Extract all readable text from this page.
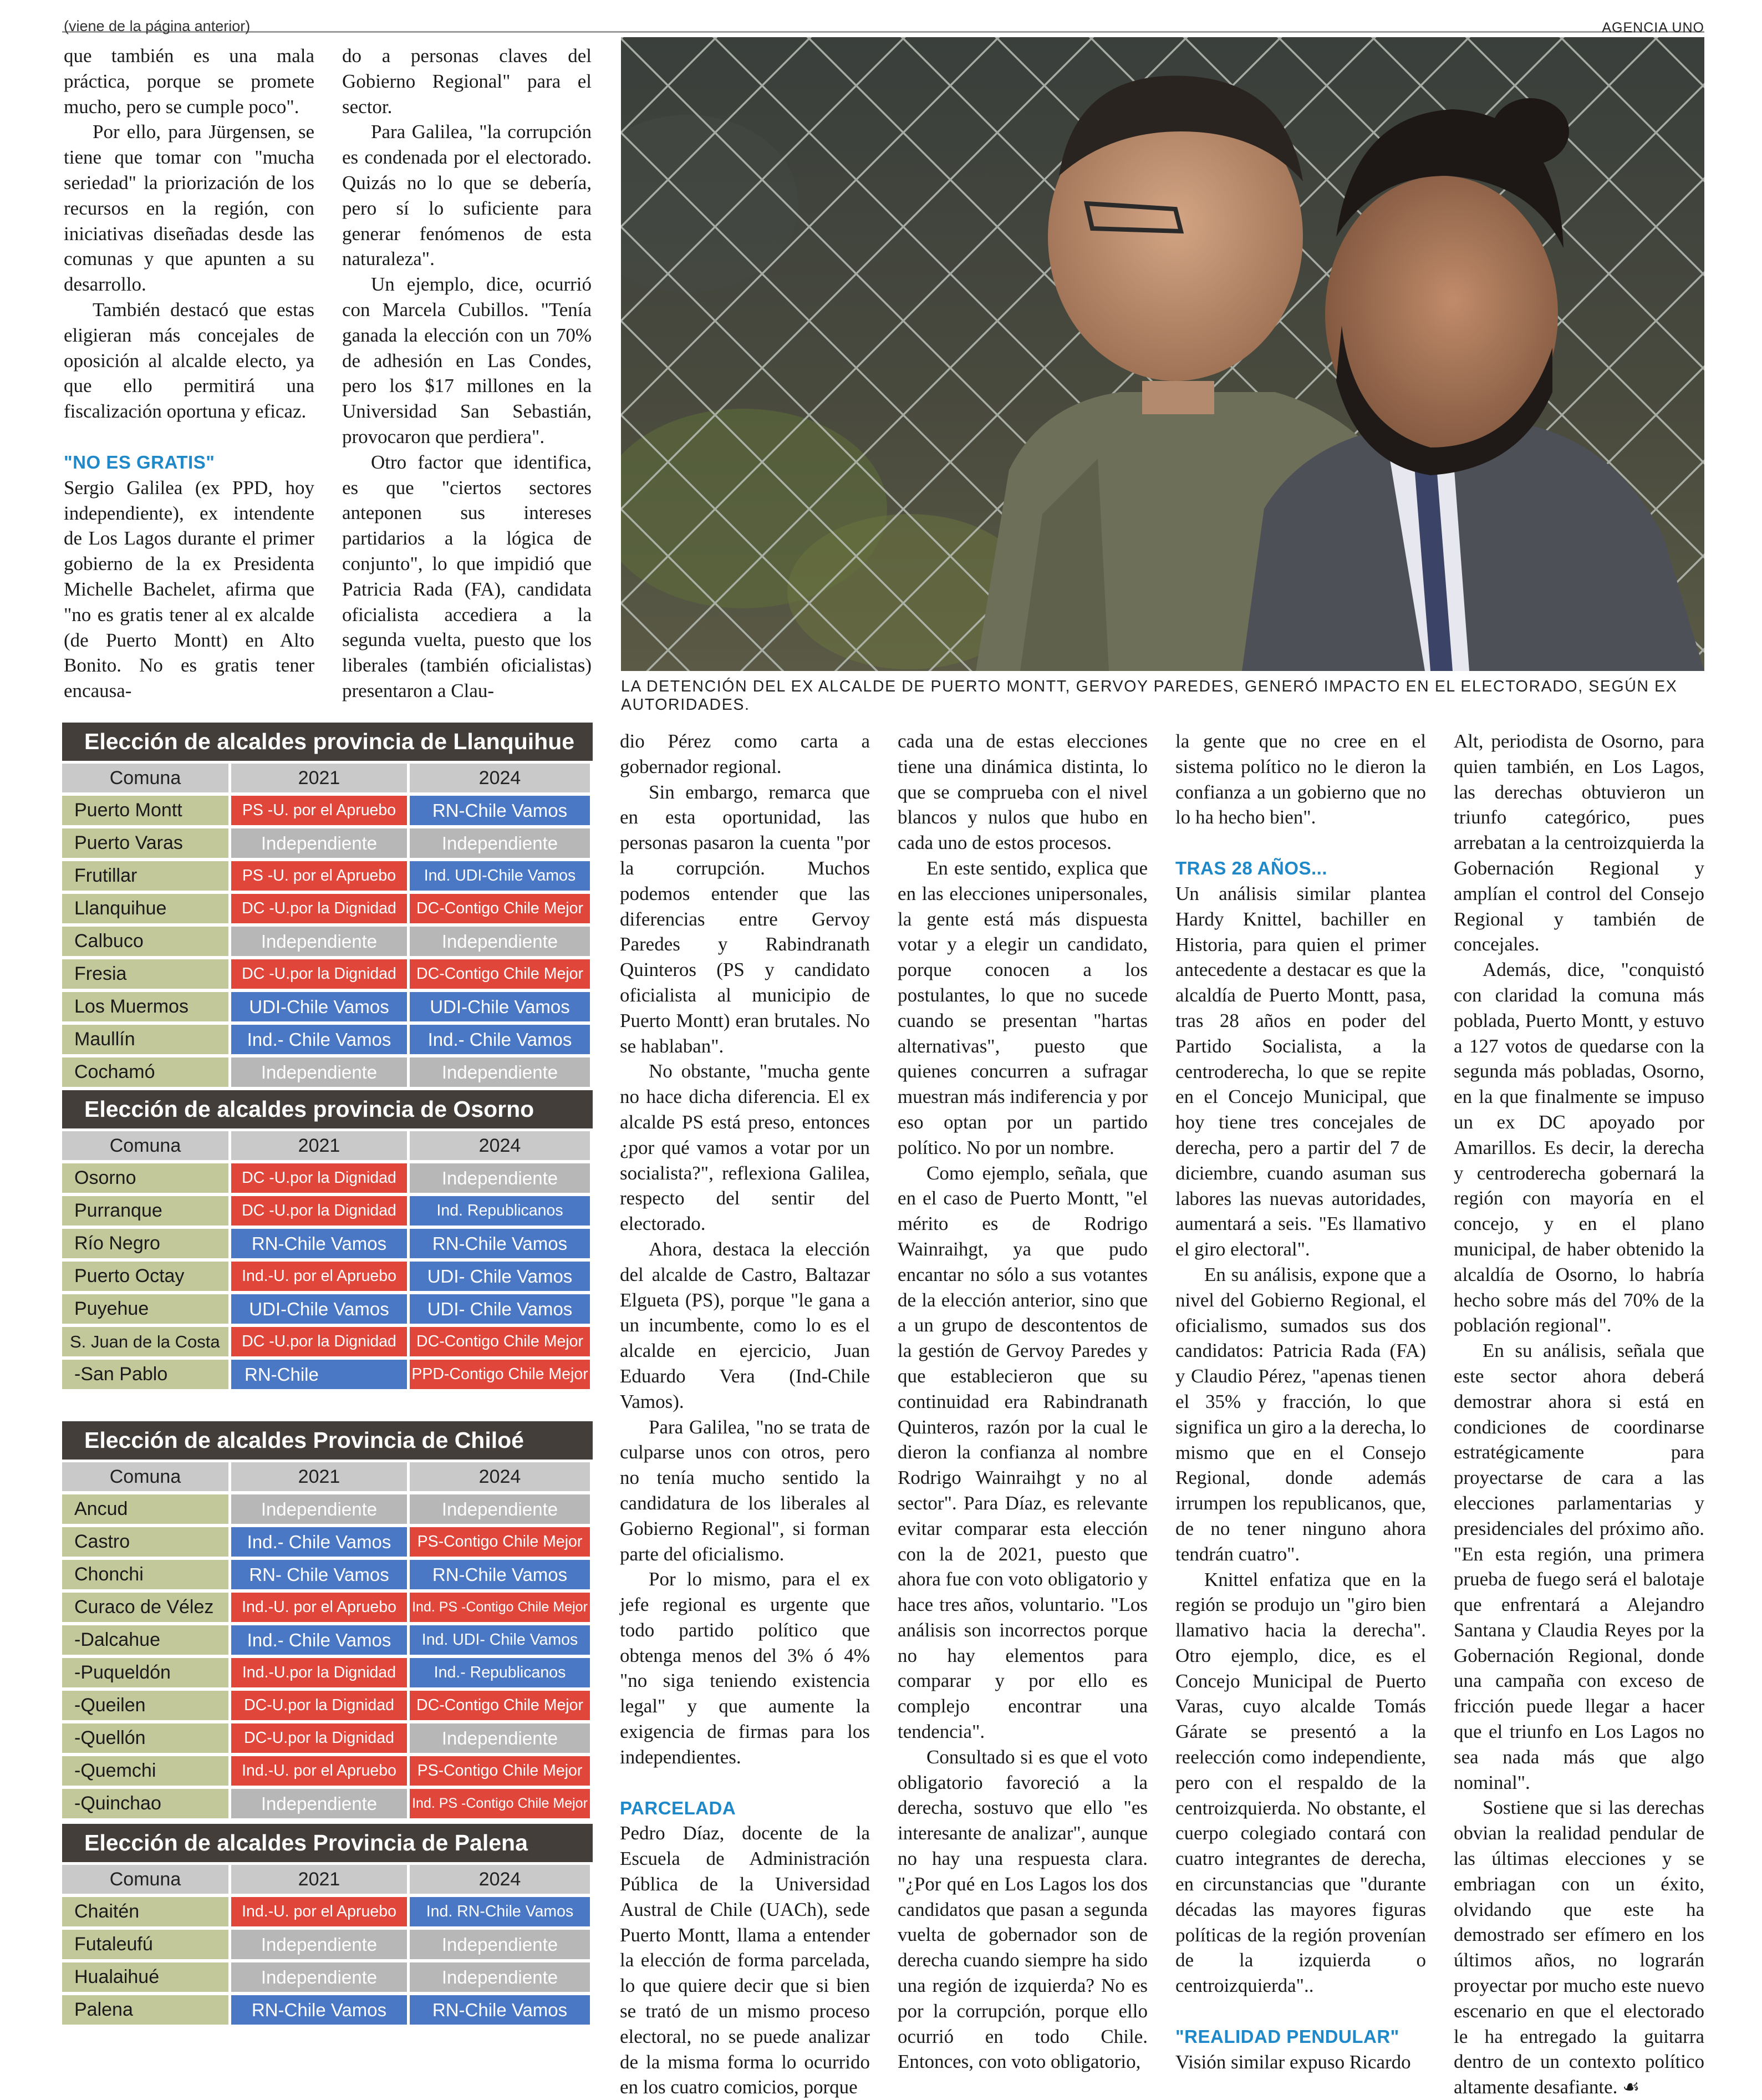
(viene de la página anterior)	AGENCIA UNO

que también es una mala práctica, porque se promete mucho, pero se cumple poco".

Por ello, para Jürgensen, se tiene que tomar con "mucha seriedad" la priorización de los recursos en la región, con iniciativas diseñadas desde las comunas y que apunten a su desarrollo.

También destacó que estas eligieran más concejales de oposición al alcalde electo, ya que ello permitirá una fiscalización oportuna y eficaz.

"NO ES GRATIS"

Sergio Galilea (ex PPD, hoy independiente), ex intendente de Los Lagos durante el primer gobierno de la ex Presidenta Michelle Bachelet, afirma que "no es gratis tener al ex alcalde (de Puerto Montt) en Alto Bonito. No es gratis tener encausa-

do a personas claves del Gobierno Regional" para el sector.

Para Galilea, "la corrupción es condenada por el electorado. Quizás no lo que se debería, pero sí lo suficiente para generar fenómenos de esta naturaleza".

Un ejemplo, dice, ocurrió con Marcela Cubillos. "Tenía ganada la elección con un 70% de adhesión en Las Condes, pero los $17 millones en la Universidad San Sebastián, provocaron que perdiera".

Otro factor que identifica, es que "ciertos sectores anteponen sus intereses partidarios a la lógica de conjunto", lo que impidió que Patricia Rada (FA), candidata oficialista accediera a la segunda vuelta, puesto que los liberales (también oficialistas) presentaron a Clau-	LA DETENCIÓN DEL EX ALCALDE DE PUERTO MONTT, GERVOY PAREDES, GENERÓ IMPACTO EN EL ELECTORADO, SEGÚN EX AUTORIDADES.
Elección de alcaldes provincia de Llanquihue
Comuna	2021	2024
Puerto Montt	PS -U. por el Apruebo	RN-Chile Vamos
Puerto Varas	Independiente	Independiente
Frutillar	PS -U. por el Apruebo	Ind. UDI-Chile Vamos
Llanquihue	DC -U.por la Dignidad	DC-Contigo Chile Mejor
Calbuco	Independiente	Independiente
Fresia	DC -U.por la Dignidad	DC-Contigo Chile Mejor
Los Muermos	UDI-Chile Vamos	UDI-Chile Vamos
Maullín	Ind.- Chile Vamos	Ind.- Chile Vamos
Cochamó	Independiente	Independiente
Elección de alcaldes provincia de Osorno
Comuna	2021	2024
Osorno	DC -U.por la Dignidad	Independiente
Purranque	DC -U.por la Dignidad	Ind. Republicanos
Río Negro	RN-Chile Vamos	RN-Chile Vamos
Puerto Octay	Ind.-U. por el Apruebo	UDI- Chile Vamos
Puyehue	UDI-Chile Vamos	UDI- Chile Vamos
S. Juan de la Costa	DC -U.por la Dignidad	DC-Contigo Chile Mejor
-San Pablo	RN-Chile	PPD-Contigo Chile Mejor
Elección de alcaldes Provincia de Chiloé
Comuna	2021	2024
Ancud	Independiente	Independiente
Castro	Ind.- Chile Vamos	PS-Contigo Chile Mejor
Chonchi	RN- Chile Vamos	RN-Chile Vamos
Curaco de Vélez	Ind.-U. por el Apruebo	Ind. PS -Contigo Chile Mejor
-Dalcahue	Ind.- Chile Vamos	Ind. UDI- Chile Vamos
-Puqueldón	Ind.-U.por la Dignidad	Ind.- Republicanos
-Queilen	DC-U.por la Dignidad	DC-Contigo Chile Mejor
-Quellón	DC-U.por la Dignidad	Independiente
-Quemchi	Ind.-U. por el Apruebo	PS-Contigo Chile Mejor
-Quinchao	Independiente	Ind. PS -Contigo Chile Mejor
Elección de alcaldes Provincia de Palena
Comuna	2021	2024
Chaitén	Ind.-U. por el Apruebo	Ind. RN-Chile Vamos
Futaleufú	Independiente	Independiente
Hualaihué	Independiente	Independiente
Palena	RN-Chile Vamos	RN-Chile Vamos

dio Pérez como carta a gobernador regional.

Sin embargo, remarca que en esta oportunidad, las personas pasaron la cuenta "por la corrupción. Muchos podemos entender que las diferencias entre Gervoy Paredes y Rabindranath Quinteros (PS y candidato oficialista al municipio de Puerto Montt) eran brutales. No se hablaban".

No obstante, "mucha gente no hace dicha diferencia. El ex alcalde PS está preso, entonces ¿por qué vamos a votar por un socialista?", reflexiona Galilea, respecto del sentir del electorado.

Ahora, destaca la elección del alcalde de Castro, Baltazar Elgueta (PS), porque "le gana a un incumbente, como lo es el alcalde en ejercicio, Juan Eduardo Vera (Ind-Chile Vamos).

Para Galilea, "no se trata de culparse unos con otros, pero no tenía mucho sentido la candidatura de los liberales al Gobierno Regional", si forman parte del oficialismo.

Por lo mismo, para el ex jefe regional es urgente que todo partido político que obtenga menos del 3% ó 4% "no siga teniendo existencia legal" y que aumente la exigencia de firmas para los independientes.

PARCELADA

Pedro Díaz, docente de la Escuela de Administración Pública de la Universidad Austral de Chile (UACh), sede Puerto Montt, llama a entender la elección de forma parcelada, lo que quiere decir que si bien se trató de un mismo proceso electoral, no se puede analizar de la misma forma lo ocurrido en los cuatro comicios, porque

cada una de estas elecciones tiene una dinámica distinta, lo que se comprueba con el nivel blancos y nulos que hubo en cada uno de estos procesos.

En este sentido, explica que en las elecciones unipersonales, la gente está más dispuesta votar y a elegir un candidato, porque conocen a los postulantes, lo que no sucede cuando se presentan "hartas alternativas", puesto que quienes concurren a sufragar muestran más indiferencia y por eso optan por un partido político. No por un nombre.

Como ejemplo, señala, que en el caso de Puerto Montt, "el mérito es de Rodrigo Wainraihgt, ya que pudo encantar no sólo a sus votantes de la elección anterior, sino que a un grupo de descontentos de la gestión de Gervoy Paredes y que establecieron que su continuidad era Rabindranath Quinteros, razón por la cual le dieron la confianza al nombre Rodrigo Wainraihgt y no al sector". Para Díaz, es relevante evitar comparar esta elección con la de 2021, puesto que ahora fue con voto obligatorio y hace tres años, voluntario. "Los análisis son incorrectos porque no hay elementos para comparar y por ello es complejo encontrar una tendencia".

Consultado si es que el voto obligatorio favoreció a la derecha, sostuvo que ello "es interesante de analizar", aunque no hay una respuesta clara. "¿Por qué en Los Lagos los dos candidatos que pasan a segunda vuelta de gobernador son de derecha cuando siempre ha sido una región de izquierda? No es por la corrupción, porque ello ocurrió en todo Chile. Entonces, con voto obligatorio,

la gente que no cree en el sistema político no le dieron la confianza a un gobierno que no lo ha hecho bien".

TRAS 28 AÑOS...

Un análisis similar plantea Hardy Knittel, bachiller en Historia, para quien el primer antecedente a destacar es que la alcaldía de Puerto Montt, pasa, tras 28 años en poder del Partido Socialista, a la centroderecha, lo que se repite en el Concejo Municipal, que hoy tiene tres concejales de derecha, pero a partir del 7 de diciembre, cuando asuman sus labores las nuevas autoridades, aumentará a seis. "Es llamativo el giro electoral".

En su análisis, expone que a nivel del Gobierno Regional, el oficialismo, sumados sus dos candidatos: Patricia Rada (FA) y Claudio Pérez, "apenas tienen el 35% y fracción, lo que significa un giro a la derecha, lo mismo que en el Consejo Regional, donde además irrumpen los republicanos, que, de no tener ninguno ahora tendrán cuatro".

Knittel enfatiza que en la región se produjo un "giro bien llamativo hacia la derecha". Otro ejemplo, dice, es el Concejo Municipal de Puerto Varas, cuyo alcalde Tomás Gárate se presentó a la reelección como independiente, pero con el respaldo de la centroizquierda. No obstante, el cuerpo colegiado contará con cuatro integrantes de derecha, en circunstancias que "durante décadas las mayores figuras políticas de la región provenían de la izquierda o centroizquierda"..

"REALIDAD PENDULAR"

Visión similar expuso Ricardo

Alt, periodista de Osorno, para quien también, en Los Lagos, las derechas obtuvieron un triunfo categórico, pues arrebatan a la centroizquierda la Gobernación Regional y amplían el control del Consejo Regional y también de concejales.

Además, dice, "conquistó con claridad la comuna más poblada, Puerto Montt, y estuvo a 127 votos de quedarse con la segunda más pobladas, Osorno, en la que finalmente se impuso un ex DC apoyado por Amarillos. Es decir, la derecha y centroderecha gobernará la región con mayoría en el concejo, y en el plano municipal, de haber obtenido la alcaldía de Osorno, lo habría hecho sobre más del 70% de la población regional".

En su análisis, señala que este sector ahora deberá demostrar ahora si está en condiciones de coordinarse estratégicamente para proyectarse de cara a las elecciones parlamentarias y presidenciales del próximo año. "En esta región, una primera prueba de fuego será el balotaje que enfrentará a Alejandro Santana y Claudia Reyes por la Gobernación Regional, donde una campaña con exceso de fricción puede llegar a hacer que el triunfo en Los Lagos no sea nada más que algo nominal".

Sostiene que si las derechas obvian la realidad pendular de las últimas elecciones y se embriagan con un éxito, olvidando que este ha demostrado ser efímero en los últimos años, no lograrán proyectar por mucho este nuevo escenario en que el electorado le ha entregado la guitarra dentro de un contexto político altamente desafiante. ☙
